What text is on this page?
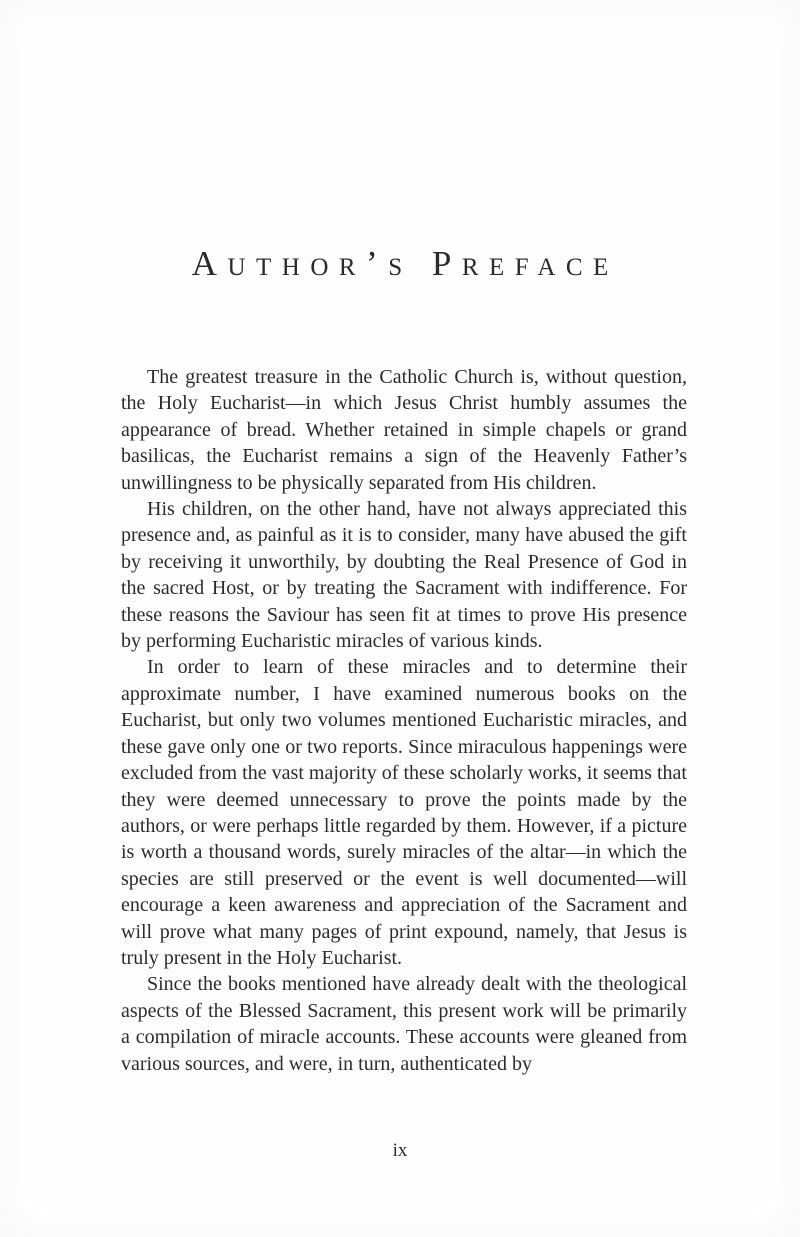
Author’s Preface

The greatest treasure in the Catholic Church is, without question, the Holy Eucharist—in which Jesus Christ humbly assumes the appearance of bread. Whether retained in simple chapels or grand basilicas, the Eucharist remains a sign of the Heavenly Father’s unwillingness to be physically separated from His children.

His children, on the other hand, have not always appreciated this presence and, as painful as it is to consider, many have abused the gift by receiving it unworthily, by doubting the Real Presence of God in the sacred Host, or by treating the Sacrament with indifference. For these reasons the Saviour has seen fit at times to prove His presence by performing Eucharistic miracles of various kinds.

In order to learn of these miracles and to determine their approximate number, I have examined numerous books on the Eucharist, but only two volumes mentioned Eucharistic miracles, and these gave only one or two reports. Since miraculous happenings were excluded from the vast majority of these scholarly works, it seems that they were deemed unnecessary to prove the points made by the authors, or were perhaps little regarded by them. However, if a picture is worth a thousand words, surely miracles of the altar—in which the species are still preserved or the event is well documented—will encourage a keen awareness and appreciation of the Sacrament and will prove what many pages of print expound, namely, that Jesus is truly present in the Holy Eucharist.

Since the books mentioned have already dealt with the theological aspects of the Blessed Sacrament, this present work will be primarily a compilation of miracle accounts. These accounts were gleaned from various sources, and were, in turn, authenticated by

ix
